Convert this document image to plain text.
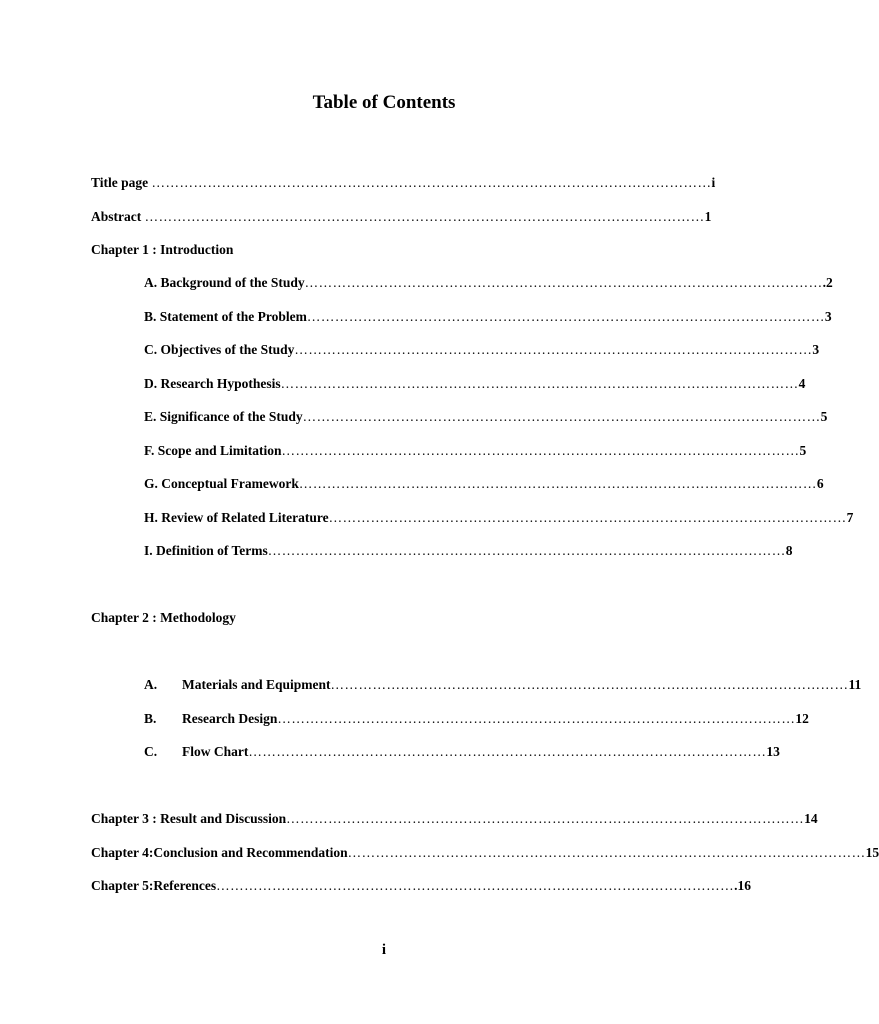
Table of Contents
Title page ………………………………………………………………………………………………………… i
Abstract ………………………………………………………………………………………………………… 1
Chapter 1 : Introduction
A. Background of the Study………………………………………………………………………………………………… .2
B. Statement of the Problem………………………………………………………………………………………………… 3
C. Objectives of the Study………………………………………………………………………………………………… 3
D. Research Hypothesis………………………………………………………………………………………………… 4
E. Significance of the Study………………………………………………………………………………………………… 5
F. Scope and Limitation………………………………………………………………………………………………… 5
G. Conceptual Framework………………………………………………………………………………………………… 6
H. Review of Related Literature………………………………………………………………………………………………… 7
I. Definition of Terms………………………………………………………………………………………………… 8
Chapter 2 : Methodology
A. Materials and Equipment………………………………………………………………………………………………… 11
B. Research Design………………………………………………………………………………………………… 12
C. Flow Chart………………………………………………………………………………………………… 13
Chapter 3 : Result and Discussion………………………………………………………………………………………………… 14
Chapter 4:Conclusion and Recommendation………………………………………………………………………………………………… 15
Chapter 5:References………………………………………………………………………………………………… .16
i
